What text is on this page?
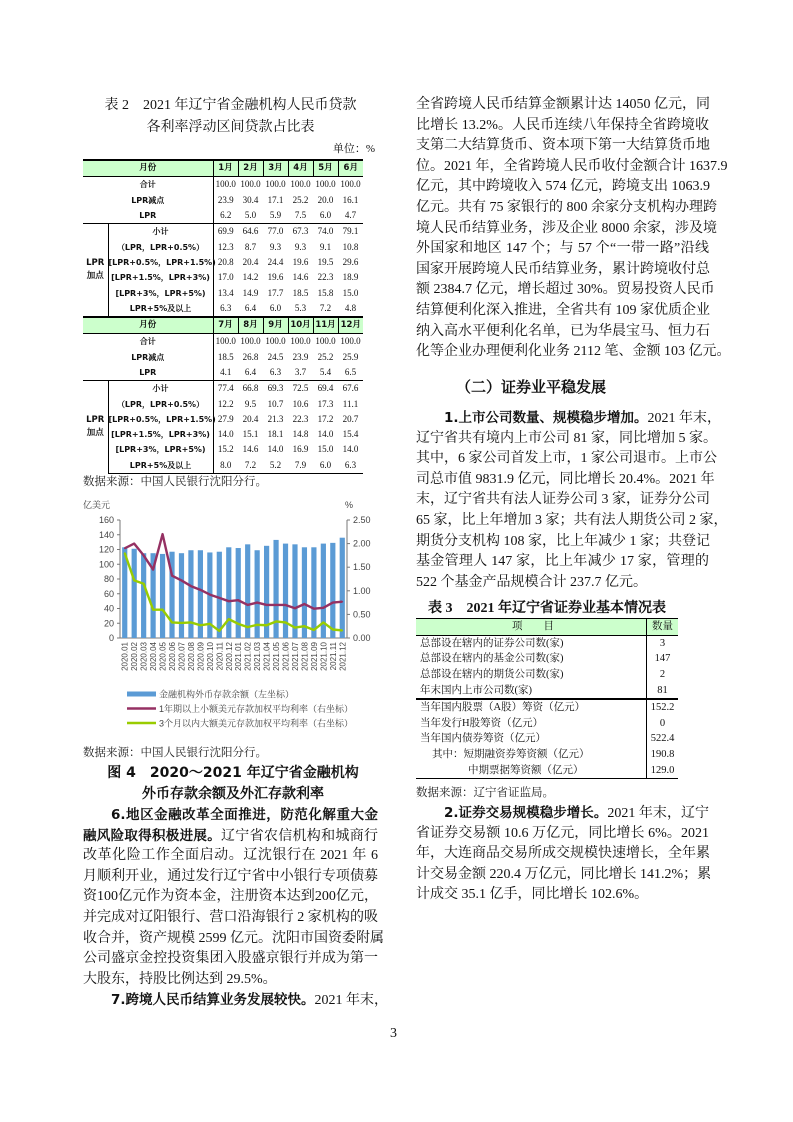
表 2　2021 年辽宁省金融机构人民币贷款
各利率浮动区间贷款占比表
单位：%
月份		1月	2月	3月	4月	5月	6月
合计		100.0	100.0	100.0	100.0	100.0	100.0
LPR减点		23.9	30.4	17.1	25.2	20.0	16.1
LPR		6.2	5.0	5.9	7.5	6.0	4.7

LPR
加点	小计	69.9	64.6	77.0	67.3	74.0	79.1
	（LPR，LPR+0.5%）	12.3	8.7	9.3	9.3	9.1	10.8
	[LPR+0.5%，LPR+1.5%)	20.8	20.4	24.4	19.6	19.5	29.6
	[LPR+1.5%，LPR+3%)	17.0	14.2	19.6	14.6	22.3	18.9
	[LPR+3%，LPR+5%)	13.4	14.9	17.7	18.5	15.8	15.0
	LPR+5%及以上	6.3	6.4	6.0	5.3	7.2	4.8
月份		7月	8月	9月	10月	11月	12月
合计		100.0	100.0	100.0	100.0	100.0	100.0
LPR减点		18.5	26.8	24.5	23.9	25.2	25.9
LPR		4.1	6.4	6.3	3.7	5.4	6.5

LPR
加点	小计	77.4	66.8	69.3	72.5	69.4	67.6
	（LPR，LPR+0.5%）	12.2	9.5	10.7	10.6	17.3	11.1
	[LPR+0.5%，LPR+1.5%)	27.9	20.4	21.3	22.3	17.2	20.7
	[LPR+1.5%，LPR+3%)	14.0	15.1	18.1	14.8	14.0	15.4
	[LPR+3%，LPR+5%)	15.2	14.6	14.0	16.9	15.0	14.0
	LPR+5%及以上	8.0	7.2	5.2	7.9	6.0	6.3
数据来源：中国人民银行沈阳分行。
亿美元	%
0
20
40
60
80
100
120
140
160
0.00
0.50
1.00
1.50
2.00
2.50
2020.01 2020.02 2020.03 2020.04 2020.05 2020.06 2020.07 2020.08 2020.09 2020.10 2020.11 2020.12 2021.01 2021.02 2021.03 2021.04 2021.05 2021.06 2021.07 2021.08 2021.09 2021.10 2021.11 2021.12
金融机构外币存款余额（左坐标）
1年期以上小额美元存款加权平均利率（右坐标）
3个月以内大额美元存款加权平均利率（右坐标）
数据来源：中国人民银行沈阳分行。
图 4　2020～2021 年辽宁省金融机构
外币存款余额及外汇存款利率
6.地区金融改革全面推进，防范化解重大金
融风险取得积极进展。辽宁省农信机构和城商行
改革化险工作全面启动。辽沈银行在 2021 年 6
月顺利开业，通过发行辽宁省中小银行专项债募
资100亿元作为资本金，注册资本达到200亿元，
并完成对辽阳银行、营口沿海银行 2 家机构的吸
收合并，资产规模 2599 亿元。沈阳市国资委附属
公司盛京金控投资集团入股盛京银行并成为第一
大股东，持股比例达到 29.5%。
7.跨境人民币结算业务发展较快。2021 年末，
全省跨境人民币结算金额累计达 14050 亿元，同
比增长 13.2%。人民币连续八年保持全省跨境收
支第二大结算货币、资本项下第一大结算货币地
位。2021 年，全省跨境人民币收付金额合计 1637.9
亿元，其中跨境收入 574 亿元，跨境支出 1063.9
亿元。共有 75 家银行的 800 余家分支机构办理跨
境人民币结算业务，涉及企业 8000 余家，涉及境
外国家和地区 147 个；与 57 个“一带一路”沿线
国家开展跨境人民币结算业务，累计跨境收付总
额 2384.7 亿元，增长超过 30%。贸易投资人民币
结算便利化深入推进，全省共有 109 家优质企业
纳入高水平便利化名单，已为华晨宝马、恒力石
化等企业办理便利化业务 2112 笔、金额 103 亿元。
（二）证券业平稳发展
1.上市公司数量、规模稳步增加。2021 年末，
辽宁省共有境内上市公司 81 家，同比增加 5 家。
其中，6 家公司首发上市，1 家公司退市。上市公
司总市值 9831.9 亿元，同比增长 20.4%。2021 年
末，辽宁省共有法人证券公司 3 家，证券分公司
65 家，比上年增加 3 家；共有法人期货公司 2 家，
期货分支机构 108 家，比上年减少 1 家；共登记
基金管理人 147 家，比上年减少 17 家，管理的
522 个基金产品规模合计 237.7 亿元。
表 3　2021 年辽宁省证券业基本情况表
项　　目	数量
总部设在辖内的证券公司数(家)	3
总部设在辖内的基金公司数(家)	147
总部设在辖内的期货公司数(家)	2
年末国内上市公司数(家)	81
当年国内股票（A股）筹资（亿元）	152.2
当年发行H股筹资（亿元）	0
当年国内债券筹资（亿元）	522.4
其中：短期融资券筹资额（亿元）	190.8
中期票据筹资额（亿元）	129.0
数据来源：辽宁省证监局。
2.证券交易规模稳步增长。2021 年末，辽宁
省证券交易额 10.6 万亿元，同比增长 6%。2021
年，大连商品交易所成交规模快速增长，全年累
计交易金额 220.4 万亿元，同比增长 141.2%；累
计成交 35.1 亿手，同比增长 102.6%。
3
